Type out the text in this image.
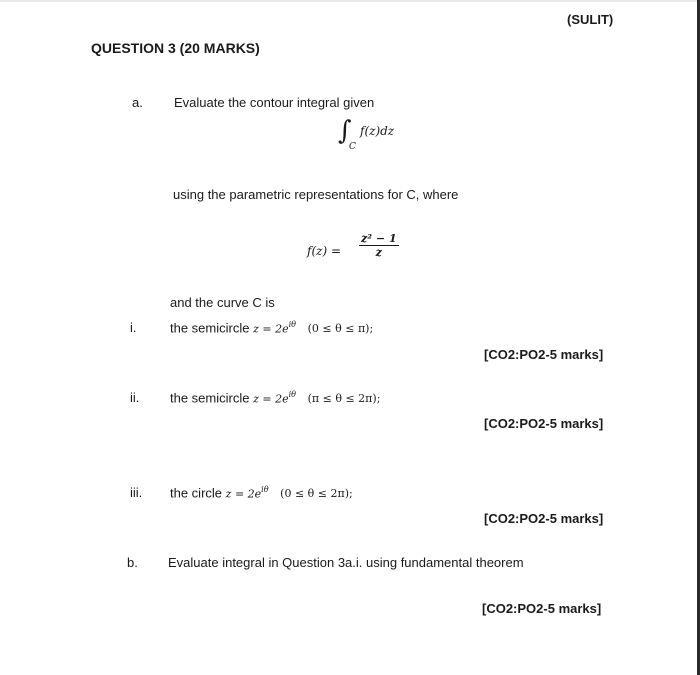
(SULIT)
QUESTION 3 (20 MARKS)
a. Evaluate the contour integral given
∫
C
f(z)dz
using the parametric representations for C, where
$f(z) = \frac{\text{z² − 1}}{z}$
and the curve C is
i.	the semicircle $z = 2e^{i\theta}$ (0 ≤ θ ≤ π);
[CO2:PO2-5 marks]
ii. the semicircle $z = 2e^{i\theta}$ (π ≤ θ ≤ 2π);
[CO2:PO2-5 marks]
iii. the circle $z = 2e^{i\theta}$ (0 ≤ θ ≤ 2π);
[CO2:PO2-5 marks]
b. Evaluate integral in Question 3a.i. using fundamental theorem
[CO2:PO2-5 marks]
